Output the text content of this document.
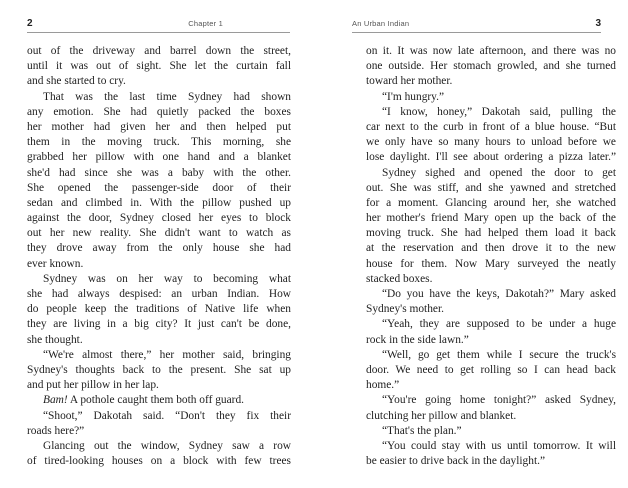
2	Chapter 1
out of the driveway and barrel down the street,
until it was out of sight. She let the curtain fall
and she started to cry.
That was the last time Sydney had shown
any emotion. She had quietly packed the boxes
her mother had given her and then helped put
them in the moving truck. This morning, she
grabbed her pillow with one hand and a blanket
she'd had since she was a baby with the other.
She opened the passenger-side door of their
sedan and climbed in. With the pillow pushed up
against the door, Sydney closed her eyes to block
out her new reality. She didn't want to watch as
they drove away from the only house she had
ever known.
Sydney was on her way to becoming what
she had always despised: an urban Indian. How
do people keep the traditions of Native life when
they are living in a big city? It just can't be done,
she thought.
“We're almost there,” her mother said, bringing
Sydney's thoughts back to the present. She sat up
and put her pillow in her lap.
Bam! A pothole caught them both off guard.
“Shoot,” Dakotah said. “Don't they fix their
roads here?”
Glancing out the window, Sydney saw a row
of tired-looking houses on a block with few trees
An Urban Indian	3
on it. It was now late afternoon, and there was no
one outside. Her stomach growled, and she turned
toward her mother.
“I'm hungry.”
“I know, honey,” Dakotah said, pulling the
car next to the curb in front of a blue house. “But
we only have so many hours to unload before we
lose daylight. I'll see about ordering a pizza later.”
Sydney sighed and opened the door to get
out. She was stiff, and she yawned and stretched
for a moment. Glancing around her, she watched
her mother's friend Mary open up the back of the
moving truck. She had helped them load it back
at the reservation and then drove it to the new
house for them. Now Mary surveyed the neatly
stacked boxes.
“Do you have the keys, Dakotah?” Mary asked
Sydney's mother.
“Yeah, they are supposed to be under a huge
rock in the side lawn.”
“Well, go get them while I secure the truck's
door. We need to get rolling so I can head back
home.”
“You're going home tonight?” asked Sydney,
clutching her pillow and blanket.
“That's the plan.”
“You could stay with us until tomorrow. It will
be easier to drive back in the daylight.”
